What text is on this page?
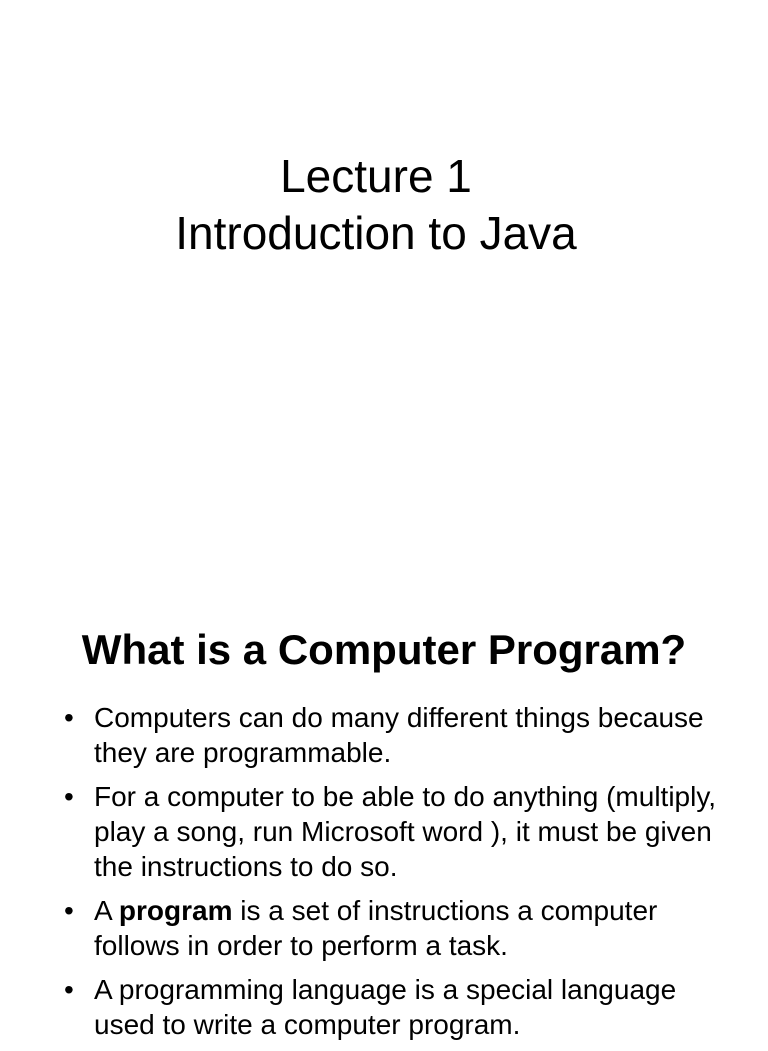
Lecture 1
Introduction to Java
What is a Computer Program?
• Computers can do many different things because they are programmable.
• For a computer to be able to do anything (multiply, play a song, run Microsoft word ), it must be given the instructions to do so.
• A program is a set of instructions a computer follows in order to perform a task.
• A programming language is a special language used to write a computer program.
